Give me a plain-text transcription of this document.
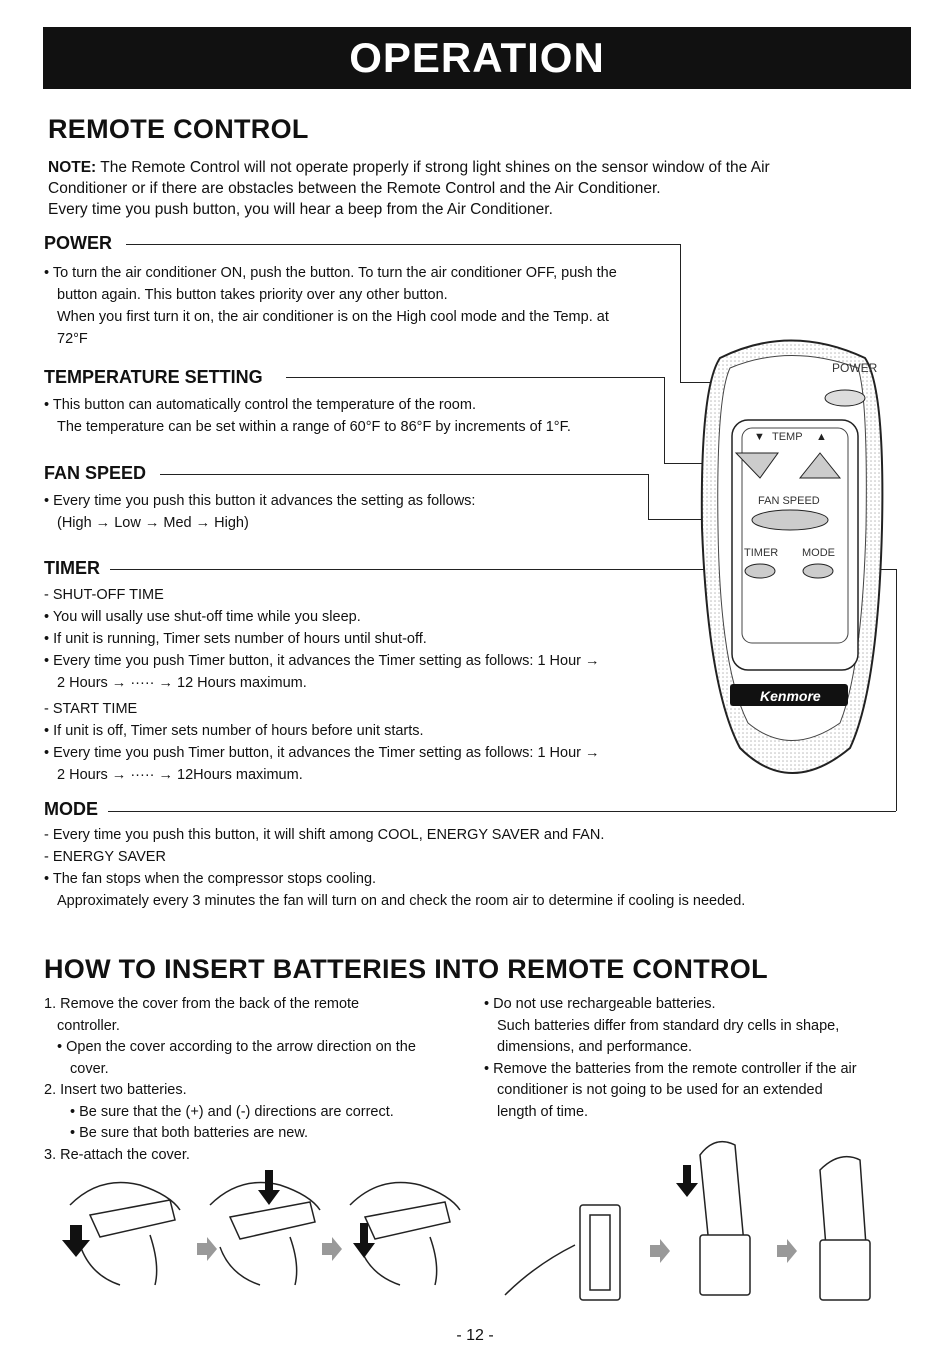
OPERATION
REMOTE CONTROL
NOTE: The Remote Control will not operate properly if strong light shines on the sensor window of the Air
Conditioner or if there are obstacles between the Remote Control and the Air Conditioner.
Every time you push button, you will hear a beep from the Air Conditioner.
POWER
• To turn the air conditioner ON, push the button. To turn the air conditioner OFF, push the
button again. This button takes priority over any other button.
When you first turn it on, the air conditioner is on the High cool mode and the Temp. at
72°F
TEMPERATURE SETTING
• This button can automatically control the temperature of the room.
The temperature can be set within a range of 60°F to 86°F by increments of 1°F.
FAN SPEED
• Every time you push this button it advances the setting as follows:
(High → Low → Med → High)
TIMER
- SHUT-OFF TIME
• You will usally use shut-off time while you sleep.
• If unit is running, Timer sets number of hours until shut-off.
• Every time you push Timer button, it advances the Timer setting as follows: 1 Hour →
2 Hours → ····· → 12 Hours maximum.
- START TIME
• If unit is off, Timer sets number of hours before unit starts.
• Every time you push Timer button, it advances the Timer setting as follows: 1 Hour →
2 Hours → ····· → 12Hours maximum.
MODE
- Every time you push this button, it will shift among COOL, ENERGY SAVER and FAN.
- ENERGY SAVER
• The fan stops when the compressor stops cooling.
Approximately every 3 minutes the fan will turn on and check the room air to determine if cooling is needed.
POWER
▼ TEMP ▲
FAN SPEED
TIMER MODE
Kenmore
HOW TO INSERT BATTERIES INTO REMOTE CONTROL
1. Remove the cover from the back of the remote
controller.
• Open the cover according to the arrow direction on the
cover.
2. Insert two batteries.
• Be sure that the (+) and (-) directions are correct.
• Be sure that both batteries are new.
3. Re-attach the cover.
• Do not use rechargeable batteries.
Such batteries differ from standard dry cells in shape,
dimensions, and performance.
• Remove the batteries from the remote controller if the air
conditioner is not going to be used for an extended
length of time.
- 12 -
